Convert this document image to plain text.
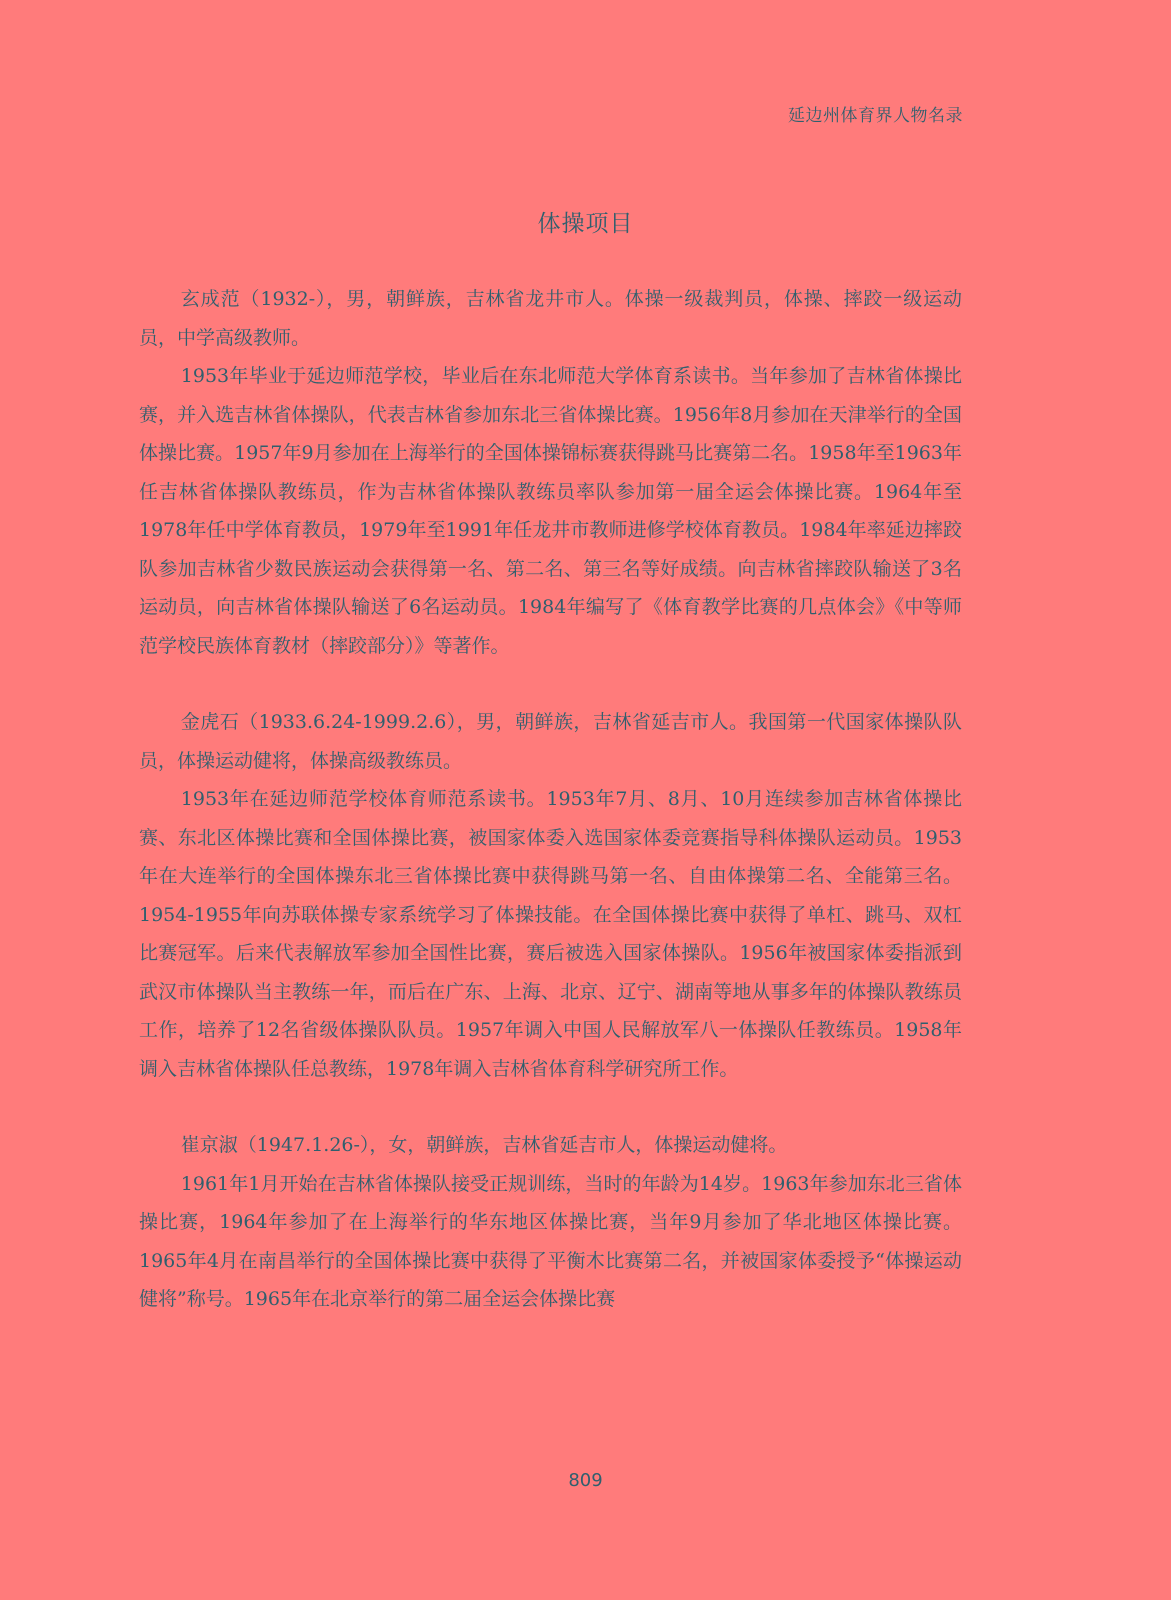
延边州体育界人物名录
体操项目

玄成范（1932-），男，朝鲜族，吉林省龙井市人。体操一级裁判员，体操、摔跤一级运动员，中学高级教师。

1953年毕业于延边师范学校，毕业后在东北师范大学体育系读书。当年参加了吉林省体操比赛，并入选吉林省体操队，代表吉林省参加东北三省体操比赛。1956年8月参加在天津举行的全国体操比赛。1957年9月参加在上海举行的全国体操锦标赛获得跳马比赛第二名。1958年至1963年任吉林省体操队教练员，作为吉林省体操队教练员率队参加第一届全运会体操比赛。1964年至1978年任中学体育教员，1979年至1991年任龙井市教师进修学校体育教员。1984年率延边摔跤队参加吉林省少数民族运动会获得第一名、第二名、第三名等好成绩。向吉林省摔跤队输送了3名运动员，向吉林省体操队输送了6名运动员。1984年编写了《体育教学比赛的几点体会》《中等师范学校民族体育教材（摔跤部分）》等著作。

金虎石（1933.6.24-1999.2.6），男，朝鲜族，吉林省延吉市人。我国第一代国家体操队队员，体操运动健将，体操高级教练员。

1953年在延边师范学校体育师范系读书。1953年7月、8月、10月连续参加吉林省体操比赛、东北区体操比赛和全国体操比赛，被国家体委入选国家体委竞赛指导科体操队运动员。1953年在大连举行的全国体操东北三省体操比赛中获得跳马第一名、自由体操第二名、全能第三名。1954-1955年向苏联体操专家系统学习了体操技能。在全国体操比赛中获得了单杠、跳马、双杠比赛冠军。后来代表解放军参加全国性比赛，赛后被选入国家体操队。1956年被国家体委指派到武汉市体操队当主教练一年，而后在广东、上海、北京、辽宁、湖南等地从事多年的体操队教练员工作，培养了12名省级体操队队员。1957年调入中国人民解放军八一体操队任教练员。1958年调入吉林省体操队任总教练，1978年调入吉林省体育科学研究所工作。

崔京淑（1947.1.26-），女，朝鲜族，吉林省延吉市人，体操运动健将。

1961年1月开始在吉林省体操队接受正规训练，当时的年龄为14岁。1963年参加东北三省体操比赛，1964年参加了在上海举行的华东地区体操比赛，当年9月参加了华北地区体操比赛。1965年4月在南昌举行的全国体操比赛中获得了平衡木比赛第二名，并被国家体委授予“体操运动健将”称号。1965年在北京举行的第二届全运会体操比赛

809
